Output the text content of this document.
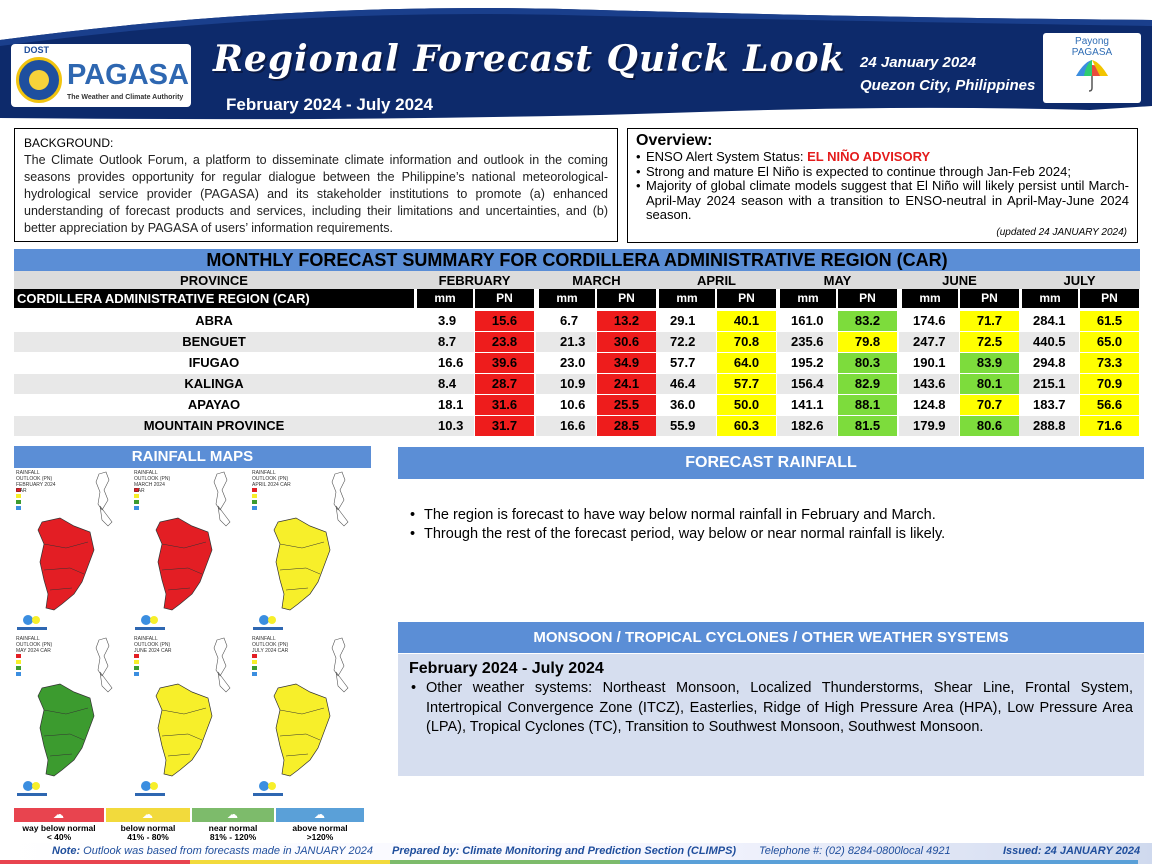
DOST
PAGASA
The Weather and Climate Authority
Regional Forecast Quick Look
February 2024 - July 2024
24 January 2024
Quezon City, Philippines
Payong
PAGASA
BACKGROUND:

The Climate Outlook Forum, a platform to disseminate climate information and outlook in the coming seasons provides opportunity for regular dialogue between the Philippine’s national meteorological-hydrological service provider (PAGASA) and its stakeholder institutions to promote (a) enhanced understanding of forecast products and services, including their limitations and uncertainties, and (b) better appreciation by PAGASA of users’ information requirements.

Overview:
• ENSO Alert System Status: EL NIÑO ADVISORY
• Strong and mature El Niño is expected to continue through Jan-Feb 2024;
• Majority of global climate models suggest that El Niño will likely persist until March-April-May 2024 season with a transition to ENSO-neutral in April-May-June 2024 season.
(updated 24 JANUARY 2024)
MONTHLY FORECAST SUMMARY FOR CORDILLERA ADMINISTRATIVE REGION (CAR)
PROVINCE	FEBRUARY	MARCH	APRIL	MAY	JUNE	JULY
CORDILLERA ADMINISTRATIVE REGION (CAR)	mm	PN	mm	PN	mm	PN	mm	PN	mm	PN	mm	PN
ABRA	3.9	15.6	6.7	13.2	29.1	40.1	161.0	83.2	174.6	71.7	284.1	61.5
BENGUET	8.7	23.8	21.3	30.6	72.2	70.8	235.6	79.8	247.7	72.5	440.5	65.0
IFUGAO	16.6	39.6	23.0	34.9	57.7	64.0	195.2	80.3	190.1	83.9	294.8	73.3
KALINGA	8.4	28.7	10.9	24.1	46.4	57.7	156.4	82.9	143.6	80.1	215.1	70.9
APAYAO	18.1	31.6	10.6	25.5	36.0	50.0	141.1	88.1	124.8	70.7	183.7	56.6
MOUNTAIN PROVINCE	10.3	31.7	16.6	28.5	55.9	60.3	182.6	81.5	179.9	80.6	288.8	71.6
RAINFALL MAPS
RAINFALL OUTLOOK (PN) FEBRUARY 2024 CAR
RAINFALL OUTLOOK (PN) MARCH 2024 CAR
RAINFALL OUTLOOK (PN) APRIL 2024 CAR
RAINFALL OUTLOOK (PN) MAY 2024 CAR
RAINFALL OUTLOOK (PN) JUNE 2024 CAR
RAINFALL OUTLOOK (PN) JULY 2024 CAR
☁
way below normal
< 40%
☁
below normal
41% - 80%
☁
near normal
81% - 120%
☁
above normal
>120%
FORECAST RAINFALL
• The region is forecast to have way below normal rainfall in February and March.
• Through the rest of the forecast period, way below or near normal rainfall is likely.
MONSOON / TROPICAL CYCLONES / OTHER WEATHER SYSTEMS
February 2024 - July 2024
• Other weather systems: Northeast Monsoon, Localized Thunderstorms, Shear Line, Frontal System, Intertropical Convergence Zone (ITCZ), Easterlies, Ridge of High Pressure Area (HPA), Low Pressure Area (LPA), Tropical Cyclones (TC), Transition to Southwest Monsoon, Southwest Monsoon.
Note: Outlook was based from forecasts made in JANUARY 2024 Prepared by: Climate Monitoring and Prediction Section (CLIMPS) Telephone #: (02) 8284-0800local 4921	Issued: 24 JANUARY 2024
